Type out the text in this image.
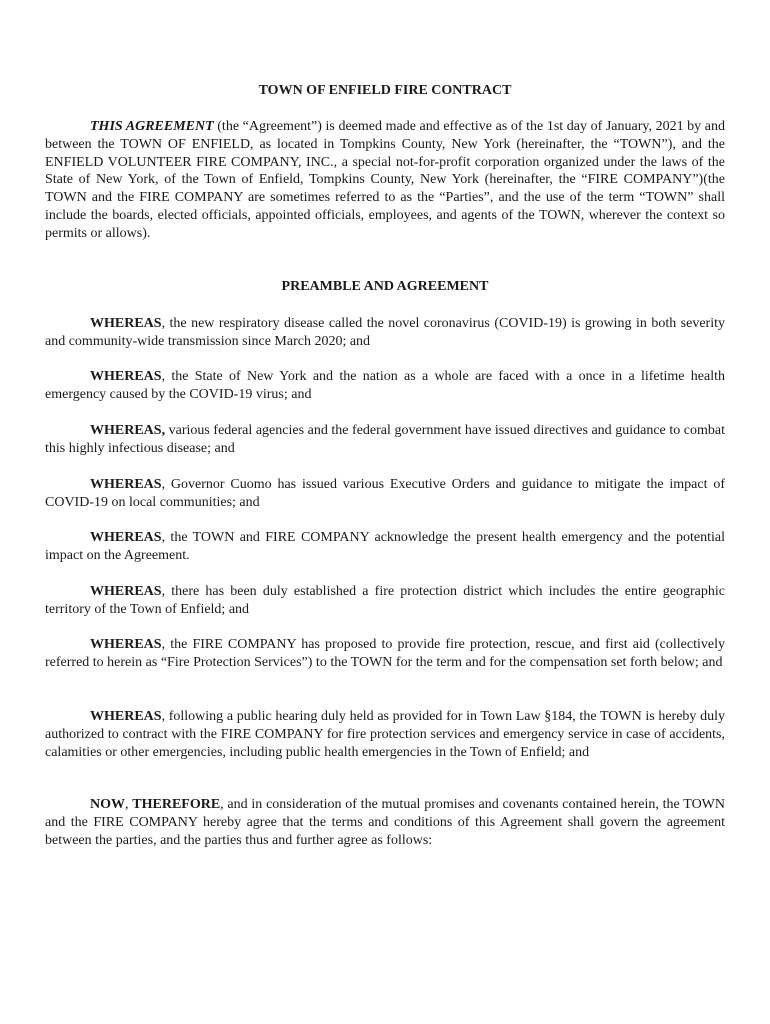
TOWN OF ENFIELD FIRE CONTRACT

THIS AGREEMENT (the “Agreement”) is deemed made and effective as of the 1st day of January, 2021 by and between the TOWN OF ENFIELD, as located in Tompkins County, New York (hereinafter, the “TOWN”), and the ENFIELD VOLUNTEER FIRE COMPANY, INC., a special not-for-profit corporation organized under the laws of the State of New York, of the Town of Enfield, Tompkins County, New York (hereinafter, the “FIRE COMPANY”)(the TOWN and the FIRE COMPANY are sometimes referred to as the “Parties”, and the use of the term “TOWN” shall include the boards, elected officials, appointed officials, employees, and agents of the TOWN, wherever the context so permits or allows).

PREAMBLE AND AGREEMENT

WHEREAS, the new respiratory disease called the novel coronavirus (COVID-19) is growing in both severity and community-wide transmission since March 2020; and

WHEREAS, the State of New York and the nation as a whole are faced with a once in a lifetime health emergency caused by the COVID-19 virus; and

WHEREAS, various federal agencies and the federal government have issued directives and guidance to combat this highly infectious disease; and

WHEREAS, Governor Cuomo has issued various Executive Orders and guidance to mitigate the impact of COVID-19 on local communities; and

WHEREAS, the TOWN and FIRE COMPANY acknowledge the present health emergency and the potential impact on the Agreement.

WHEREAS, there has been duly established a fire protection district which includes the entire geographic territory of the Town of Enfield; and

WHEREAS, the FIRE COMPANY has proposed to provide fire protection, rescue, and first aid (collectively referred to herein as “Fire Protection Services”) to the TOWN for the term and for the compensation set forth below; and

WHEREAS, following a public hearing duly held as provided for in Town Law §184, the TOWN is hereby duly authorized to contract with the FIRE COMPANY for fire protection services and emergency service in case of accidents, calamities or other emergencies, including public health emergencies in the Town of Enfield; and

NOW, THEREFORE, and in consideration of the mutual promises and covenants contained herein, the TOWN and the FIRE COMPANY hereby agree that the terms and conditions of this Agreement shall govern the agreement between the parties, and the parties thus and further agree as follows:
